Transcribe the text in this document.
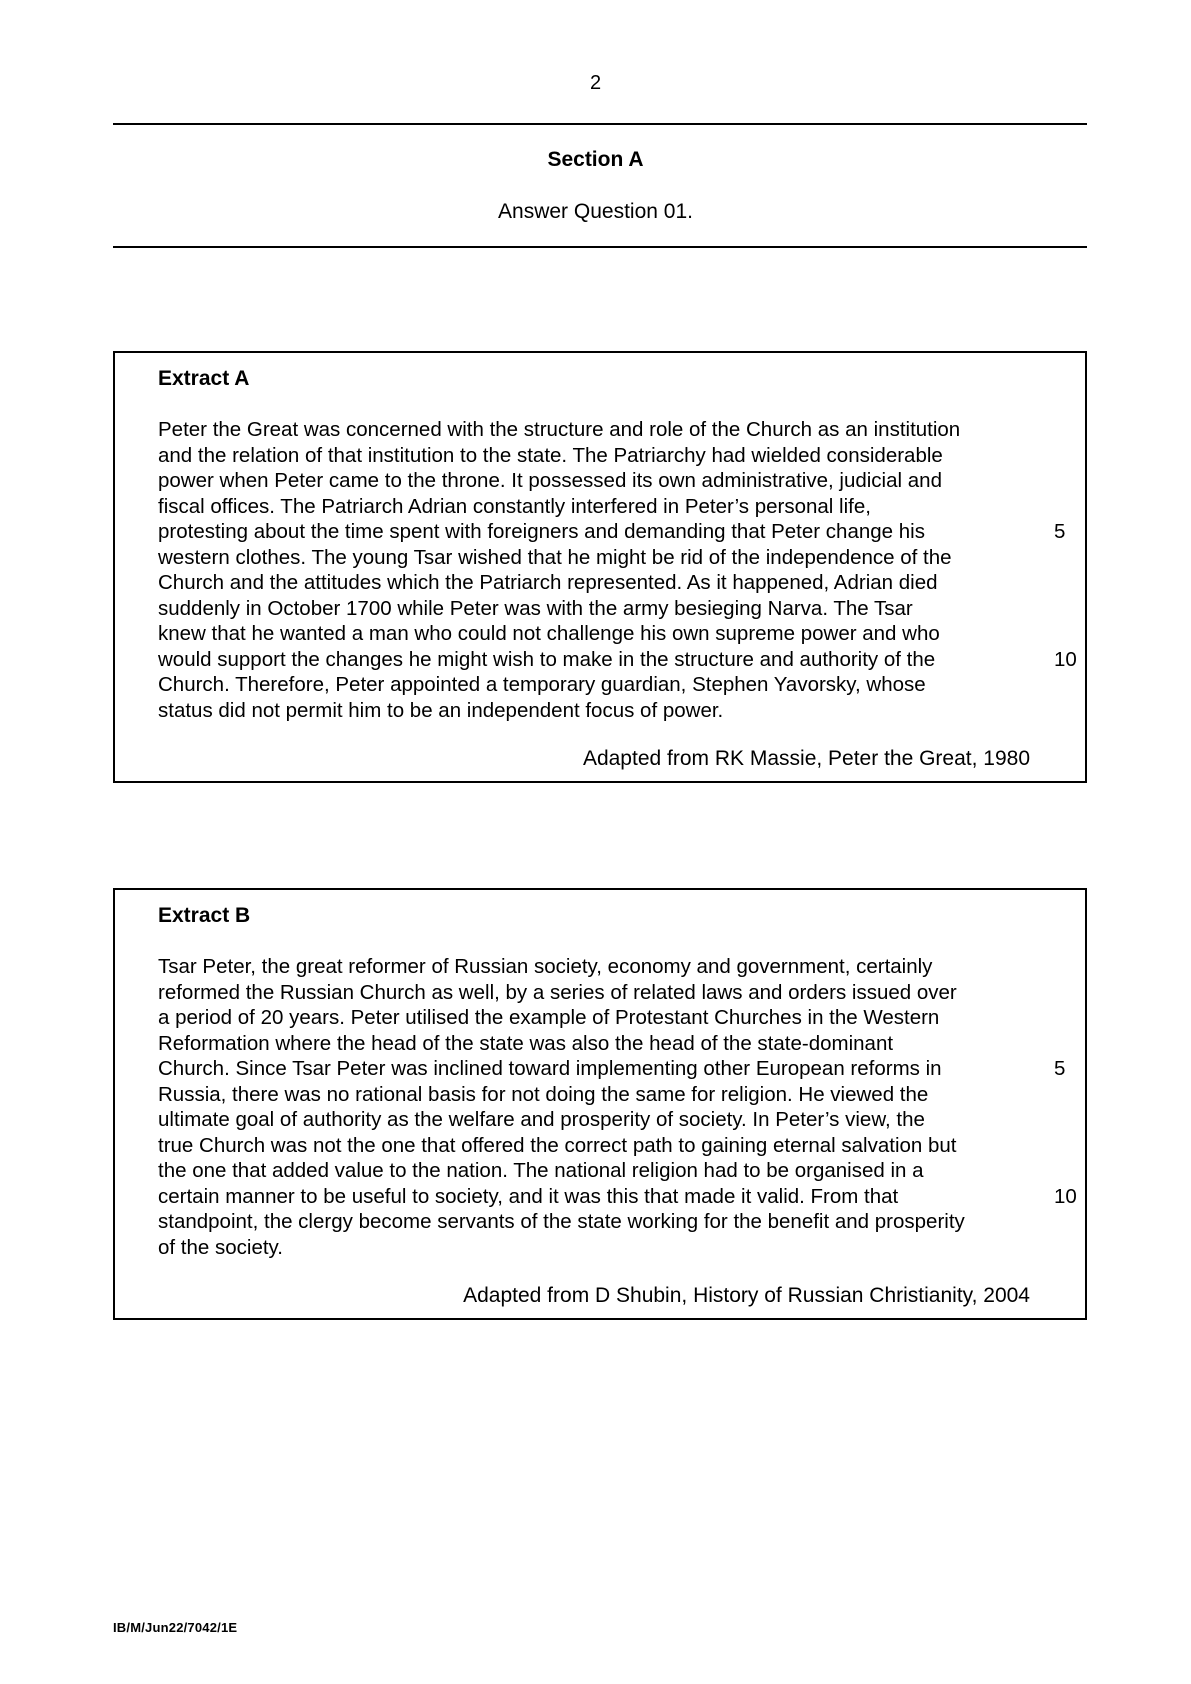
2
Section A
Answer Question 01.
Extract A
Peter the Great was concerned with the structure and role of the Church as an institution
and the relation of that institution to the state. The Patriarchy had wielded considerable
power when Peter came to the throne. It possessed its own administrative, judicial and
fiscal offices. The Patriarch Adrian constantly interfered in Peter’s personal life,
protesting about the time spent with foreigners and demanding that Peter change his	5
western clothes. The young Tsar wished that he might be rid of the independence of the
Church and the attitudes which the Patriarch represented. As it happened, Adrian died
suddenly in October 1700 while Peter was with the army besieging Narva. The Tsar
knew that he wanted a man who could not challenge his own supreme power and who
would support the changes he might wish to make in the structure and authority of the	10
Church. Therefore, Peter appointed a temporary guardian, Stephen Yavorsky, whose
status did not permit him to be an independent focus of power.
Adapted from RK Massie, Peter the Great, 1980
Extract B
Tsar Peter, the great reformer of Russian society, economy and government, certainly
reformed the Russian Church as well, by a series of related laws and orders issued over
a period of 20 years. Peter utilised the example of Protestant Churches in the Western
Reformation where the head of the state was also the head of the state-dominant
Church. Since Tsar Peter was inclined toward implementing other European reforms in	5
Russia, there was no rational basis for not doing the same for religion. He viewed the
ultimate goal of authority as the welfare and prosperity of society. In Peter’s view, the
true Church was not the one that offered the correct path to gaining eternal salvation but
the one that added value to the nation. The national religion had to be organised in a
certain manner to be useful to society, and it was this that made it valid. From that	10
standpoint, the clergy become servants of the state working for the benefit and prosperity
of the society.
Adapted from D Shubin, History of Russian Christianity, 2004
IB/M/Jun22/7042/1E
